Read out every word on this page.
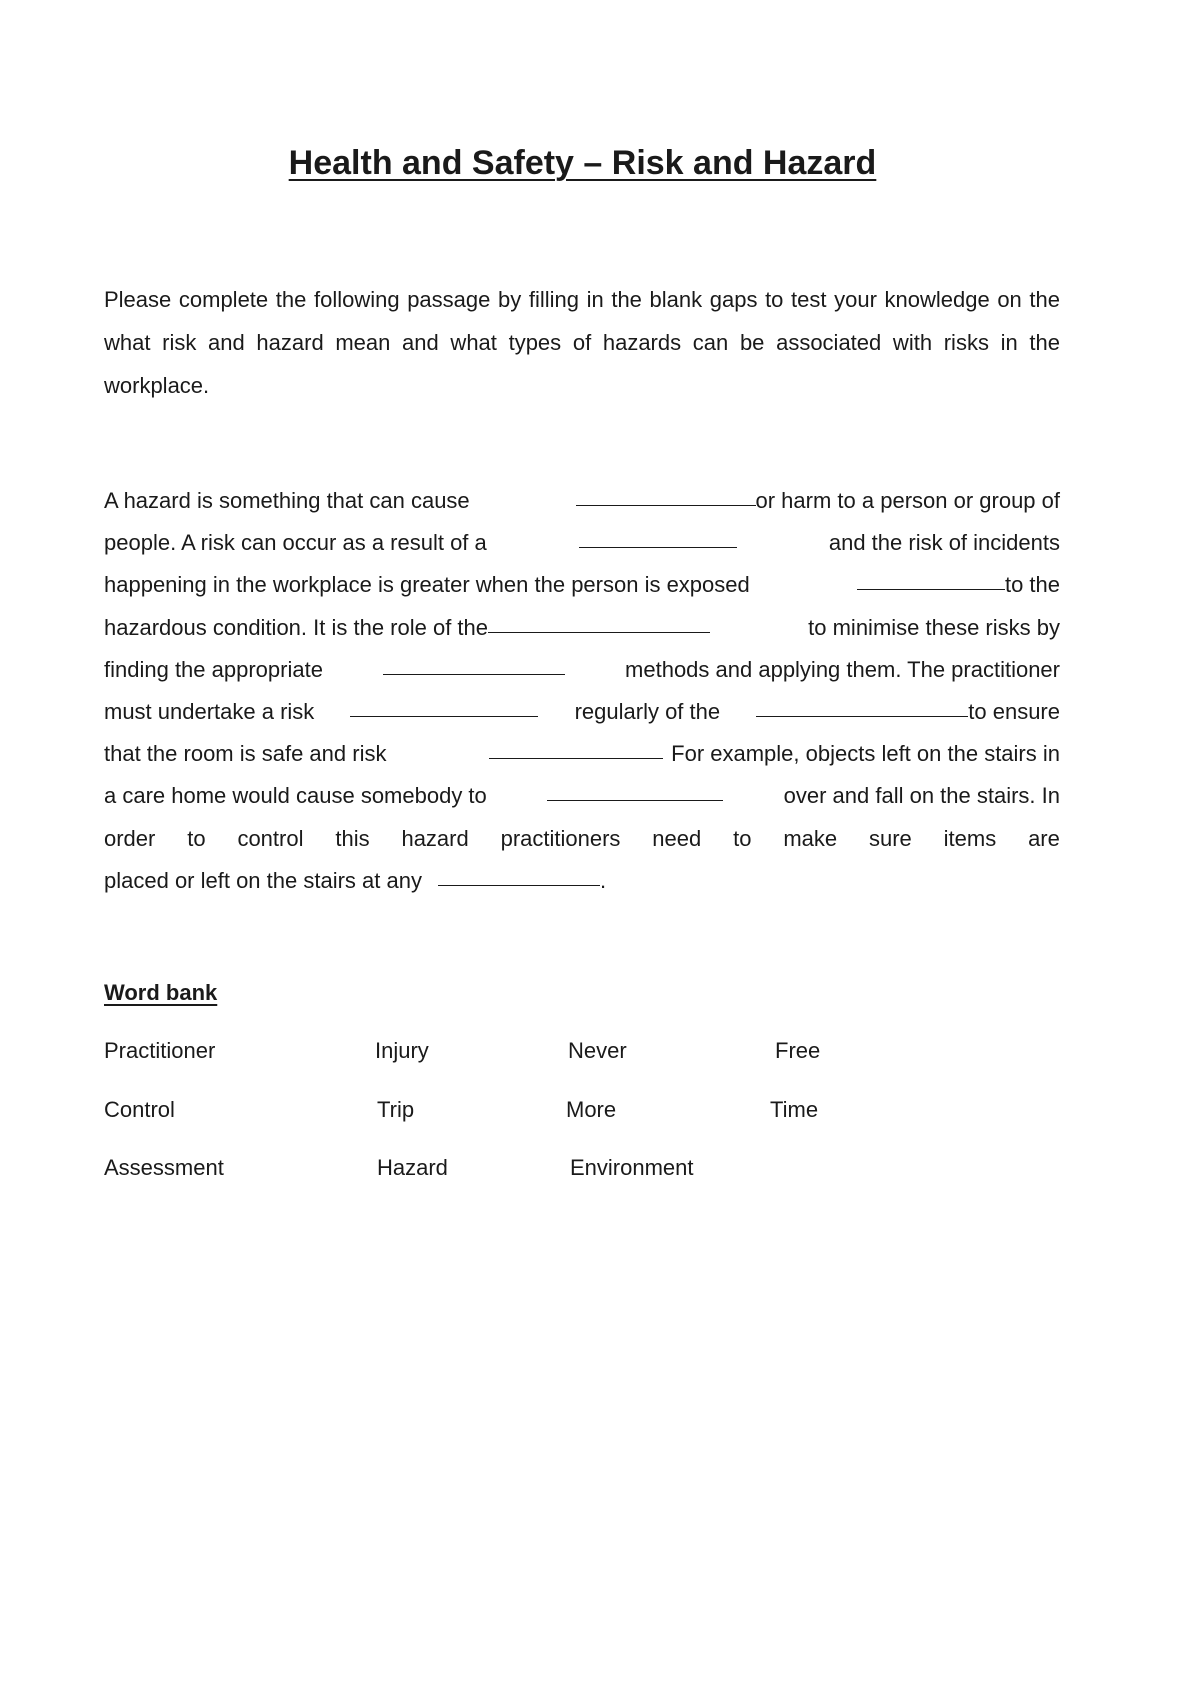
Health and Safety – Risk and Hazard

Please complete the following passage by filling in the blank gaps to test your knowledge on the what risk and hazard mean and what types of hazards can be associated with risks in the workplace.

A hazard is something that can cause	or harm to a person or group of
people. A risk can occur as a result of a	and the risk of incidents
happening in the workplace is greater when the person is exposed	to the
hazardous condition. It is the role of the	to minimise these risks by
finding the appropriate	methods and applying them. The practitioner
must undertake a risk	regularly of the	to ensure
that the room is safe and risk	For example, objects left on the stairs in
a care home would cause somebody to	over and fall on the stairs. In
order to control this hazard practitioners need to make sure items are
placed or left on the stairs at any	.
Word bank
Practitioner	Injury	Never	Free
Control	Trip	More	Time
Assessment	Hazard	Environment
